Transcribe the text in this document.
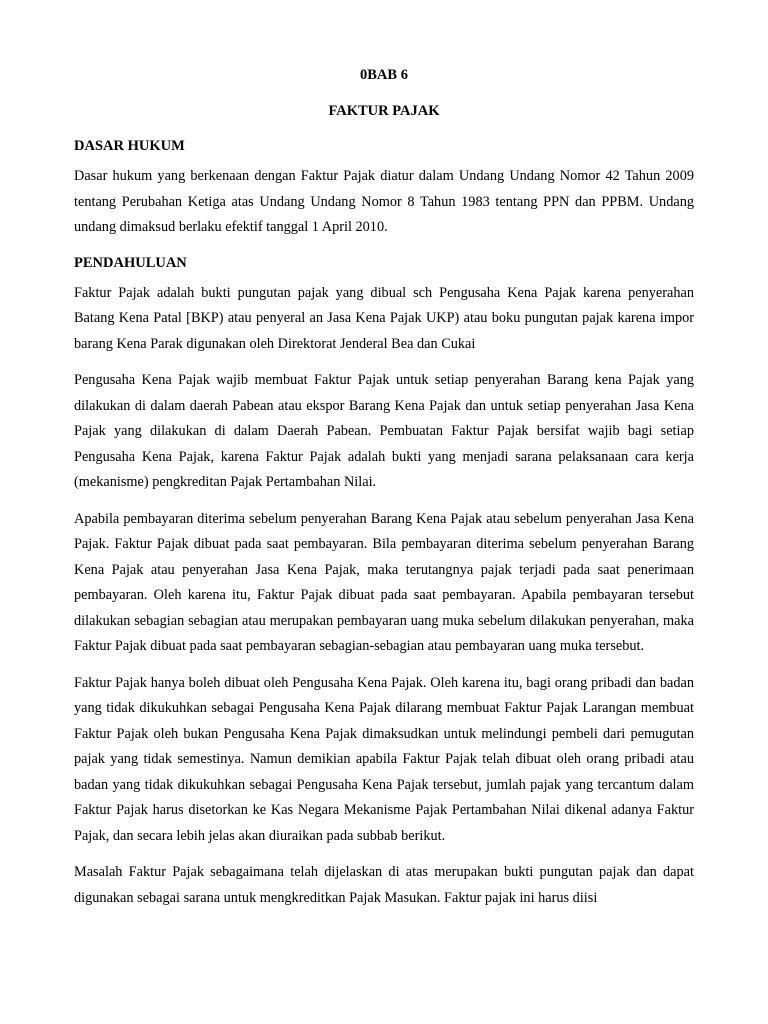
0BAB 6

FAKTUR PAJAK

DASAR HUKUM

Dasar hukum yang berkenaan dengan Faktur Pajak diatur dalam Undang Undang Nomor 42 Tahun 2009 tentang Perubahan Ketiga atas Undang Undang Nomor 8 Tahun 1983 tentang PPN dan PPBM. Undang undang dimaksud berlaku efektif tanggal 1 April 2010.

PENDAHULUAN

Faktur Pajak adalah bukti pungutan pajak yang dibual sch Pengusaha Kena Pajak karena penyerahan Batang Kena Patal [BKP) atau penyeral an Jasa Kena Pajak UKP) atau boku pungutan pajak karena impor barang Kena Parak digunakan oleh Direktorat Jenderal Bea dan Cukai

Pengusaha Kena Pajak wajib membuat Faktur Pajak untuk setiap penyerahan Barang kena Pajak yang dilakukan di dalam daerah Pabean atau ekspor Barang Kena Pajak dan untuk setiap penyerahan Jasa Kena Pajak yang dilakukan di dalam Daerah Pabean. Pembuatan Faktur Pajak bersifat wajib bagi setiap Pengusaha Kena Pajak, karena Faktur Pajak adalah bukti yang menjadi sarana pelaksanaan cara kerja (mekanisme) pengkreditan Pajak Pertambahan Nilai.

Apabila pembayaran diterima sebelum penyerahan Barang Kena Pajak atau sebelum penyerahan Jasa Kena Pajak. Faktur Pajak dibuat pada saat pembayaran. Bila pembayaran diterima sebelum penyerahan Barang Kena Pajak atau penyerahan Jasa Kena Pajak, maka terutangnya pajak terjadi pada saat penerimaan pembayaran. Oleh karena itu, Faktur Pajak dibuat pada saat pembayaran. Apabila pembayaran tersebut dilakukan sebagian sebagian atau merupakan pembayaran uang muka sebelum dilakukan penyerahan, maka Faktur Pajak dibuat pada saat pembayaran sebagian-sebagian atau pembayaran uang muka tersebut.

Faktur Pajak hanya boleh dibuat oleh Pengusaha Kena Pajak. Oleh karena itu, bagi orang pribadi dan badan yang tidak dikukuhkan sebagai Pengusaha Kena Pajak dilarang membuat Faktur Pajak Larangan membuat Faktur Pajak oleh bukan Pengusaha Kena Pajak dimaksudkan untuk melindungi pembeli dari pemugutan pajak yang tidak semestinya. Namun demikian apabila Faktur Pajak telah dibuat oleh orang pribadi atau badan yang tidak dikukuhkan sebagai Pengusaha Kena Pajak tersebut, jumlah pajak yang tercantum dalam Faktur Pajak harus disetorkan ke Kas Negara Mekanisme Pajak Pertambahan Nilai dikenal adanya Faktur Pajak, dan secara lebih jelas akan diuraikan pada subbab berikut.

Masalah Faktur Pajak sebagaimana telah dijelaskan di atas merupakan bukti pungutan pajak dan dapat digunakan sebagai sarana untuk mengkreditkan Pajak Masukan. Faktur pajak ini harus diisi
